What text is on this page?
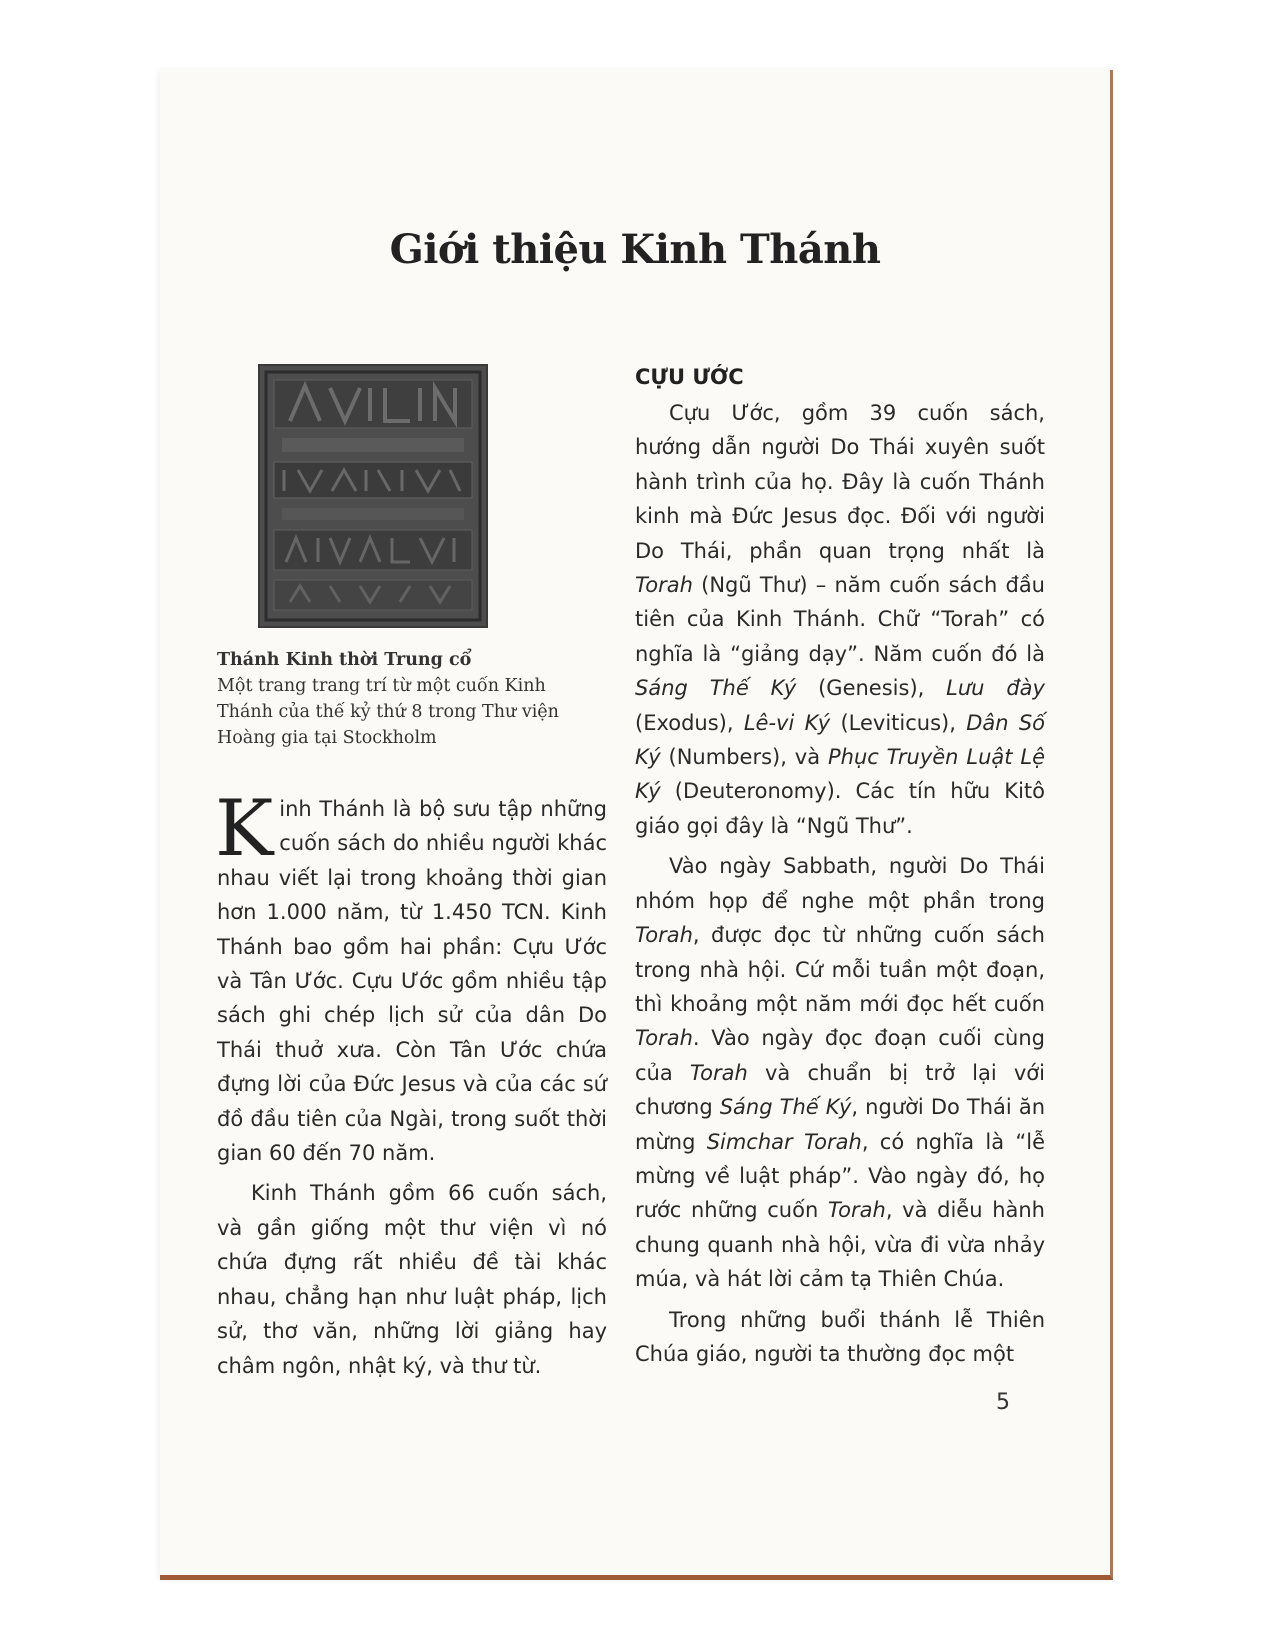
Giới thiệu Kinh Thánh
Thánh Kinh thời Trung cổ
Một trang trang trí từ một cuốn Kinh Thánh của thế kỷ thứ 8 trong Thư viện Hoàng gia tại Stockholm

Kinh Thánh là bộ sưu tập những cuốn sách do nhiều người khác nhau viết lại trong khoảng thời gian hơn 1.000 năm, từ 1.450 TCN. Kinh Thánh bao gồm hai phần: Cựu Ước và Tân Ước. Cựu Ước gồm nhiều tập sách ghi chép lịch sử của dân Do Thái thuở xưa. Còn Tân Ước chứa đựng lời của Đức Jesus và của các sứ đồ đầu tiên của Ngài, trong suốt thời gian 60 đến 70 năm.

Kinh Thánh gồm 66 cuốn sách, và gần giống một thư viện vì nó chứa đựng rất nhiều đề tài khác nhau, chẳng hạn như luật pháp, lịch sử, thơ văn, những lời giảng hay châm ngôn, nhật ký, và thư từ.

CỰU ƯỚC

Cựu Ước, gồm 39 cuốn sách, hướng dẫn người Do Thái xuyên suốt hành trình của họ. Đây là cuốn Thánh kinh mà Đức Jesus đọc. Đối với người Do Thái, phần quan trọng nhất là Torah (Ngũ Thư) – năm cuốn sách đầu tiên của Kinh Thánh. Chữ “Torah” có nghĩa là “giảng dạy”. Năm cuốn đó là Sáng Thế Ký (Genesis), Lưu đày (Exodus), Lê-vi Ký (Leviticus), Dân Số Ký (Numbers), và Phục Truyền Luật Lệ Ký (Deuteronomy). Các tín hữu Kitô giáo gọi đây là “Ngũ Thư”.

Vào ngày Sabbath, người Do Thái nhóm họp để nghe một phần trong Torah, được đọc từ những cuốn sách trong nhà hội. Cứ mỗi tuần một đoạn, thì khoảng một năm mới đọc hết cuốn Torah. Vào ngày đọc đoạn cuối cùng của Torah và chuẩn bị trở lại với chương Sáng Thế Ký, người Do Thái ăn mừng Simchar Torah, có nghĩa là “lễ mừng về luật pháp”. Vào ngày đó, họ rước những cuốn Torah, và diễu hành chung quanh nhà hội, vừa đi vừa nhảy múa, và hát lời cảm tạ Thiên Chúa.

Trong những buổi thánh lễ Thiên Chúa giáo, người ta thường đọc một

5
